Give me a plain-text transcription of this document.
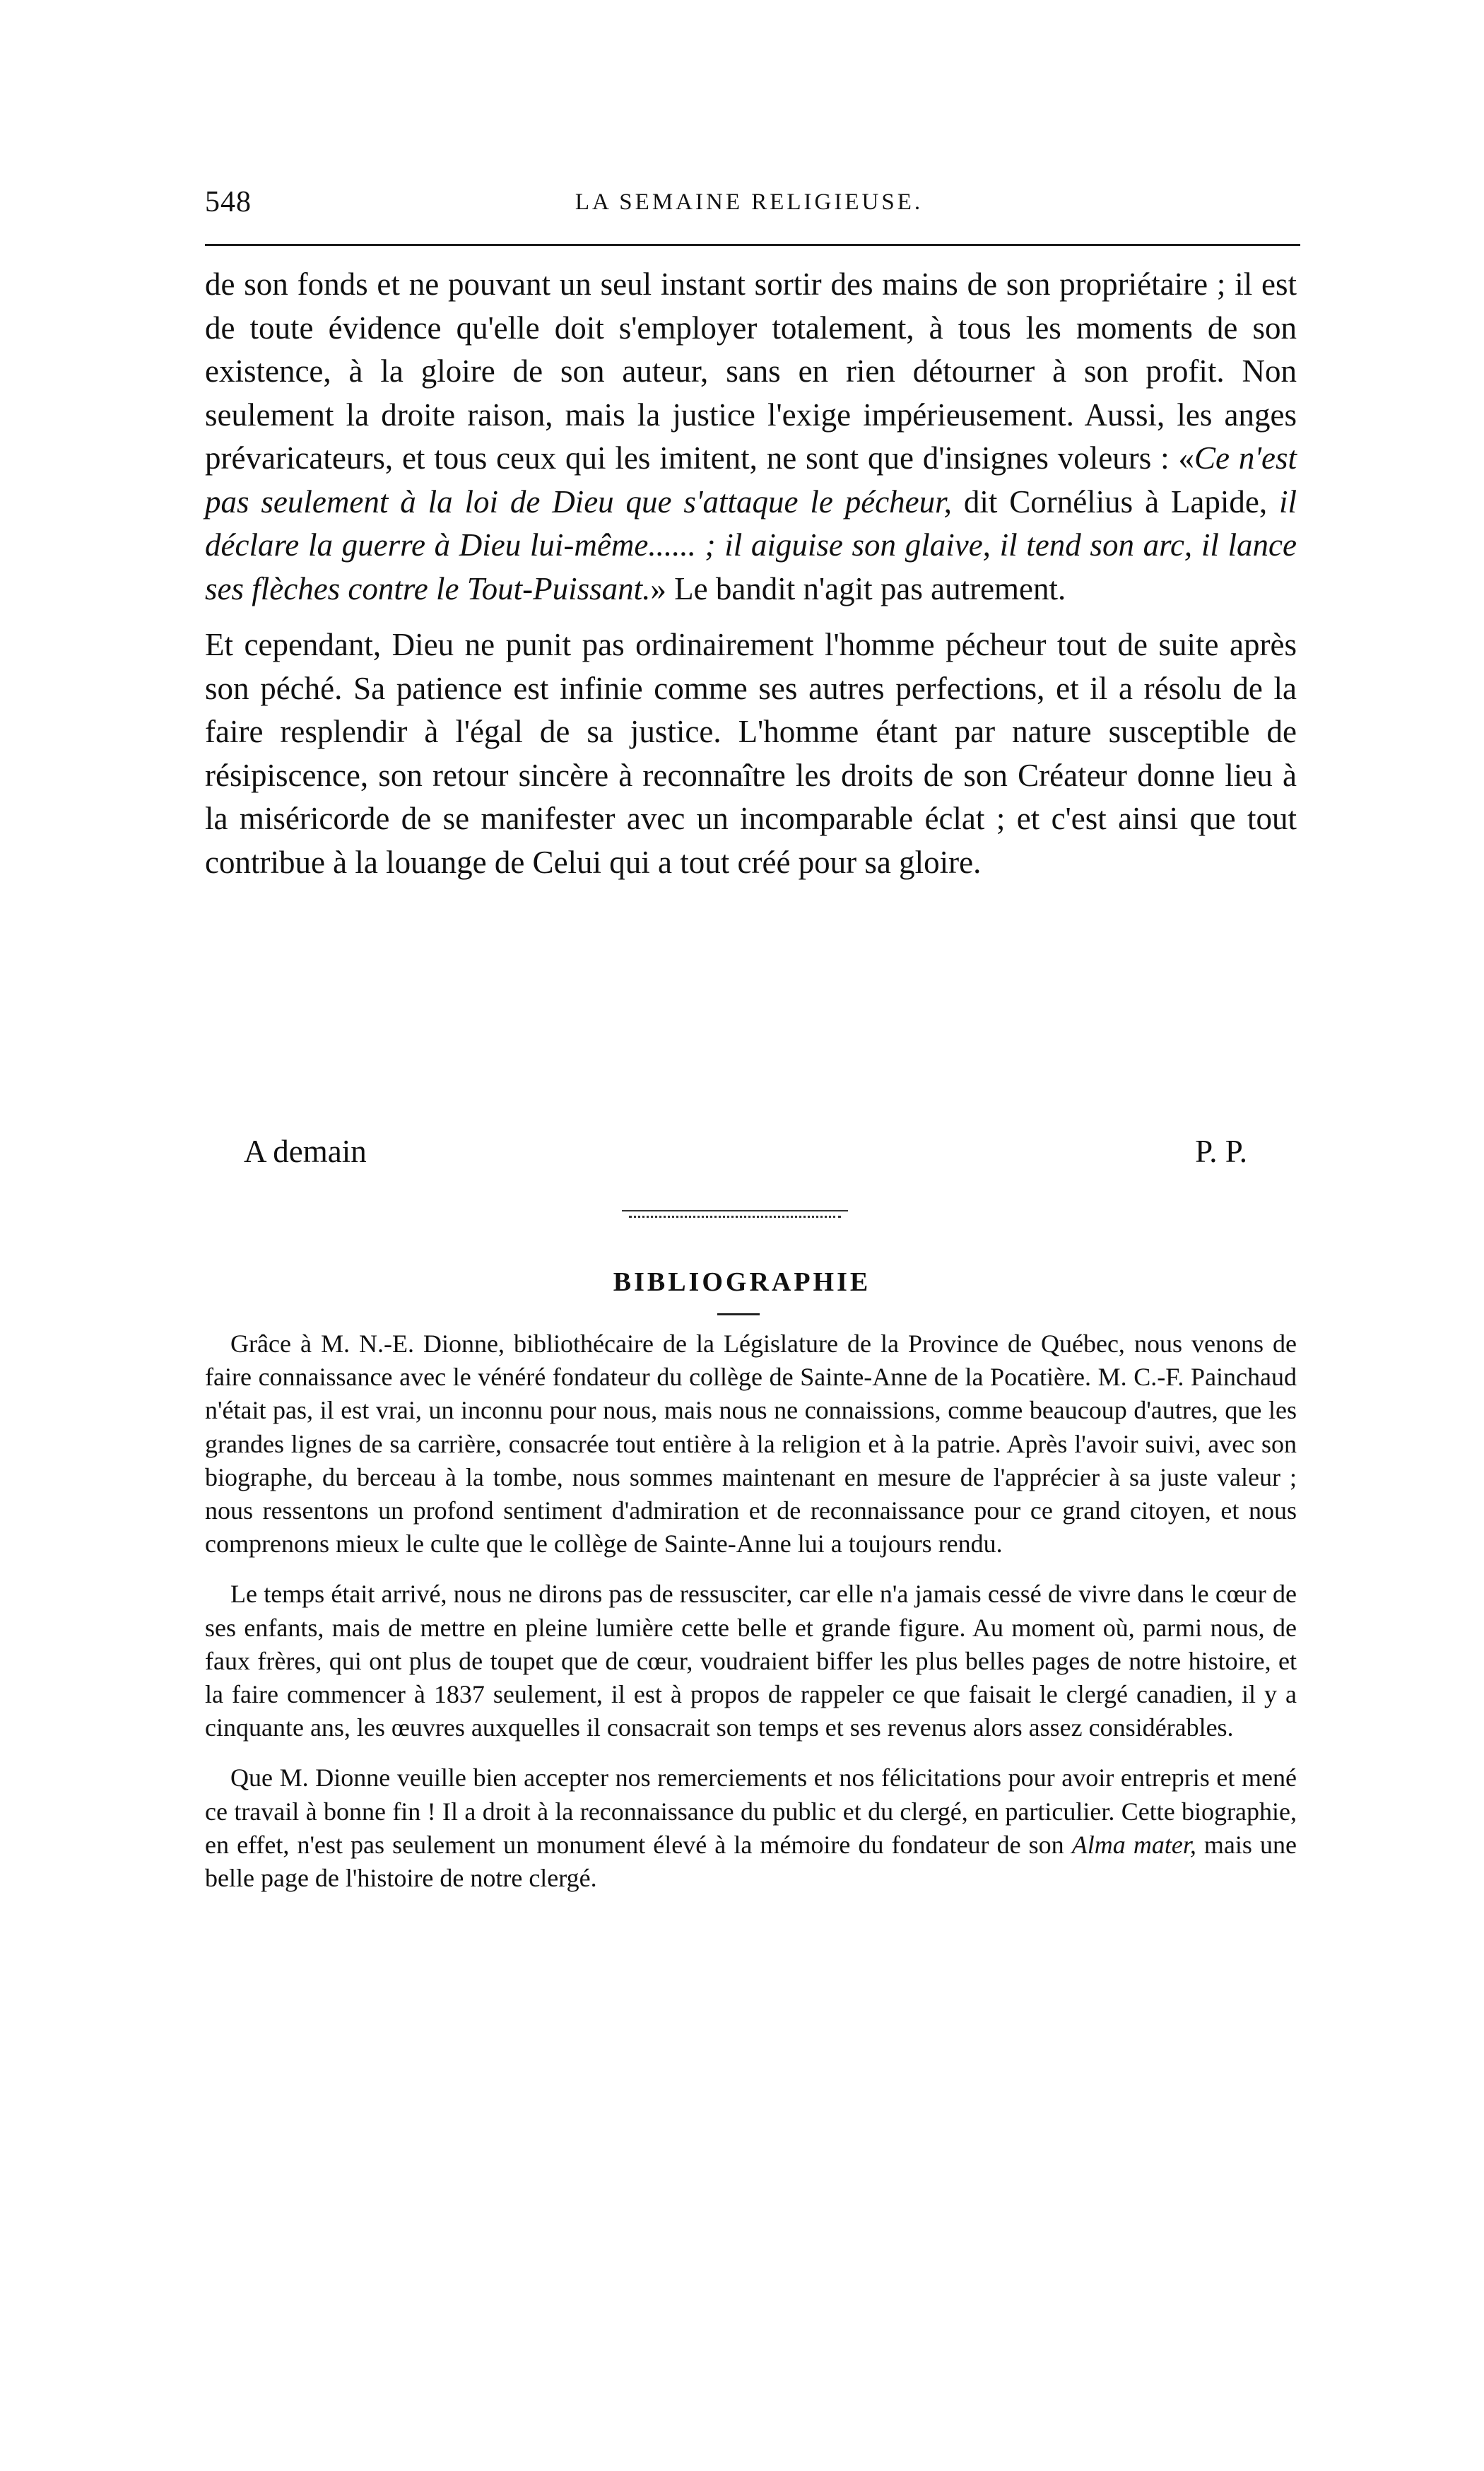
548	LA SEMAINE RELIGIEUSE.

de son fonds et ne pouvant un seul instant sortir des mains de son propriétaire ; il est de toute évidence qu'elle doit s'employer totalement, à tous les moments de son existence, à la gloire de son auteur, sans en rien détourner à son profit. Non seulement la droite raison, mais la justice l'exige impérieusement. Aussi, les anges prévaricateurs, et tous ceux qui les imitent, ne sont que d'insignes voleurs : «Ce n'est pas seulement à la loi de Dieu que s'attaque le pécheur, dit Cornélius à Lapide, il déclare la guerre à Dieu lui-même...... ; il aiguise son glaive, il tend son arc, il lance ses flèches contre le Tout-Puissant.» Le bandit n'agit pas autrement.

Et cependant, Dieu ne punit pas ordinairement l'homme pécheur tout de suite après son péché. Sa patience est infinie comme ses autres perfections, et il a résolu de la faire resplendir à l'égal de sa justice. L'homme étant par nature susceptible de résipiscence, son retour sincère à reconnaître les droits de son Créateur donne lieu à la miséricorde de se manifester avec un incomparable éclat ; et c'est ainsi que tout contribue à la louange de Celui qui a tout créé pour sa gloire.

A demain	P. P.
BIBLIOGRAPHIE

Grâce à M. N.-E. Dionne, bibliothécaire de la Législature de la Province de Québec, nous venons de faire connaissance avec le vénéré fondateur du collège de Sainte-Anne de la Pocatière. M. C.-F. Painchaud n'était pas, il est vrai, un inconnu pour nous, mais nous ne connaissions, comme beaucoup d'autres, que les grandes lignes de sa carrière, consacrée tout entière à la religion et à la patrie. Après l'avoir suivi, avec son biographe, du berceau à la tombe, nous sommes maintenant en mesure de l'apprécier à sa juste valeur ; nous ressentons un profond sentiment d'admiration et de reconnaissance pour ce grand citoyen, et nous comprenons mieux le culte que le collège de Sainte-Anne lui a toujours rendu.

Le temps était arrivé, nous ne dirons pas de ressusciter, car elle n'a jamais cessé de vivre dans le cœur de ses enfants, mais de mettre en pleine lumière cette belle et grande figure. Au moment où, parmi nous, de faux frères, qui ont plus de toupet que de cœur, voudraient biffer les plus belles pages de notre histoire, et la faire commencer à 1837 seulement, il est à propos de rappeler ce que faisait le clergé canadien, il y a cinquante ans, les œuvres auxquelles il consacrait son temps et ses revenus alors assez considérables.

Que M. Dionne veuille bien accepter nos remerciements et nos félicitations pour avoir entrepris et mené ce travail à bonne fin ! Il a droit à la reconnaissance du public et du clergé, en particulier. Cette biographie, en effet, n'est pas seulement un monument élevé à la mémoire du fondateur de son Alma mater, mais une belle page de l'histoire de notre clergé.
